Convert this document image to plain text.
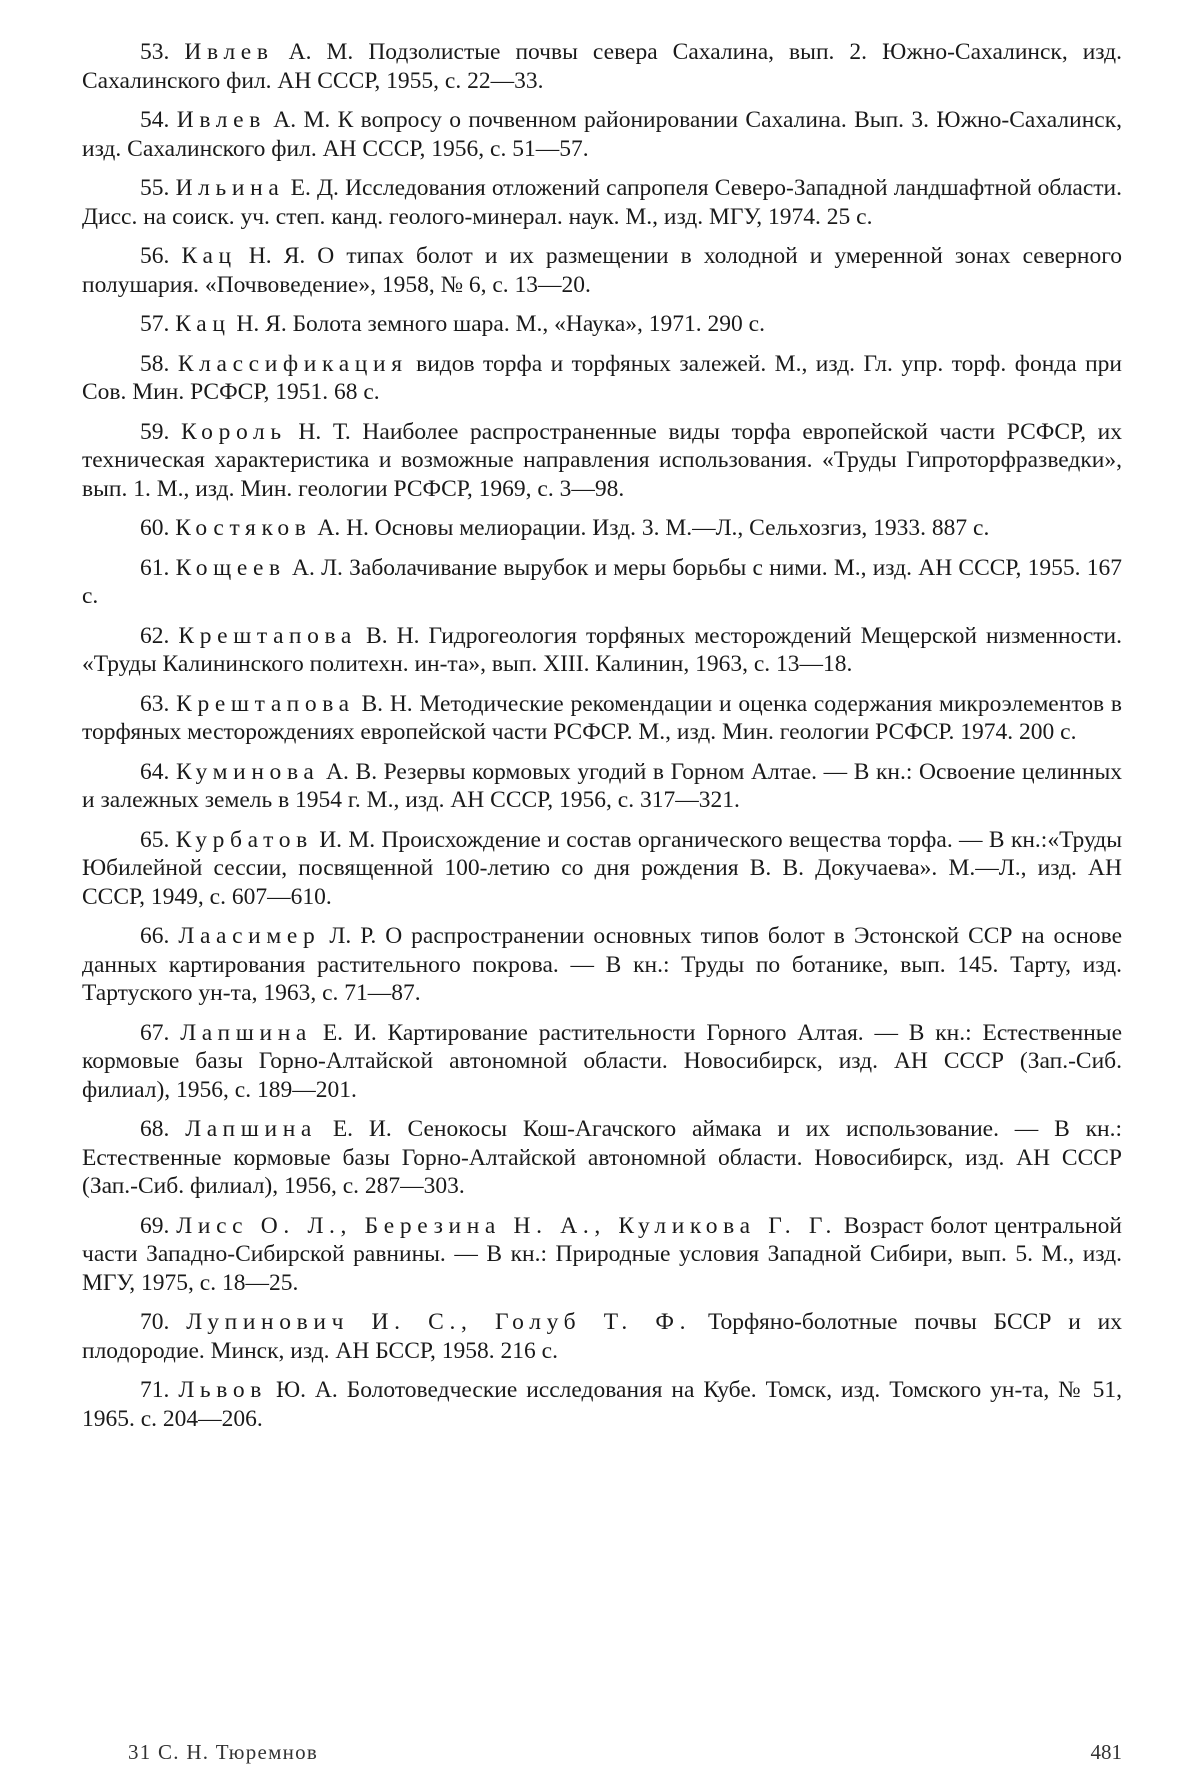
53. Ивлев А. М. Подзолистые почвы севера Сахалина, вып. 2. Южно-Сахалинск, изд. Сахалинского фил. АН СССР, 1955, с. 22—33.

54. Ивлев А. М. К вопросу о почвенном районировании Сахалина. Вып. 3. Южно-Сахалинск, изд. Сахалинского фил. АН СССР, 1956, с. 51—57.

55. Ильина Е. Д. Исследования отложений сапропеля Северо-Западной ландшафтной области. Дисс. на соиск. уч. степ. канд. геолого-минерал. наук. М., изд. МГУ, 1974. 25 с.

56. Кац Н. Я. О типах болот и их размещении в холодной и умеренной зонах северного полушария. «Почвоведение», 1958, № 6, с. 13—20.

57. Кац Н. Я. Болота земного шара. М., «Наука», 1971. 290 с.

58. Классификация видов торфа и торфяных залежей. М., изд. Гл. упр. торф. фонда при Сов. Мин. РСФСР, 1951. 68 с.

59. Король Н. Т. Наиболее распространенные виды торфа европейской части РСФСР, их техническая характеристика и возможные направления использования. «Труды Гипроторфразведки», вып. 1. М., изд. Мин. геологии РСФСР, 1969, с. 3—98.

60. Костяков А. Н. Основы мелиорации. Изд. 3. М.—Л., Сельхозгиз, 1933. 887 с.

61. Кощеев А. Л. Заболачивание вырубок и меры борьбы с ними. М., изд. АН СССР, 1955. 167 с.

62. Крештапова В. Н. Гидрогеология торфяных месторождений Мещерской низменности. «Труды Калининского политехн. ин-та», вып. XIII. Калинин, 1963, с. 13—18.

63. Крештапова В. Н. Методические рекомендации и оценка содержания микроэлементов в торфяных месторождениях европейской части РСФСР. М., изд. Мин. геологии РСФСР. 1974. 200 с.

64. Куминова А. В. Резервы кормовых угодий в Горном Алтае. — В кн.: Освоение целинных и залежных земель в 1954 г. М., изд. АН СССР, 1956, с. 317—321.

65. Курбатов И. М. Происхождение и состав органического вещества торфа. — В кн.:«Труды Юбилейной сессии, посвященной 100-летию со дня рождения В. В. Докучаева». М.—Л., изд. АН СССР, 1949, с. 607—610.

66. Лаасимер Л. Р. О распространении основных типов болот в Эстонской ССР на основе данных картирования растительного покрова. — В кн.: Труды по ботанике, вып. 145. Тарту, изд. Тартуского ун-та, 1963, с. 71—87.

67. Лапшина Е. И. Картирование растительности Горного Алтая. — В кн.: Естественные кормовые базы Горно-Алтайской автономной области. Новосибирск, изд. АН СССР (Зап.-Сиб. филиал), 1956, с. 189—201.

68. Лапшина Е. И. Сенокосы Кош-Агачского аймака и их использование. — В кн.: Естественные кормовые базы Горно-Алтайской автономной области. Новосибирск, изд. АН СССР (Зап.-Сиб. филиал), 1956, с. 287—303.

69. Лисс О. Л., Березина Н. А., Куликова Г. Г. Возраст болот центральной части Западно-Сибирской равнины. — В кн.: Природные условия Западной Сибири, вып. 5. М., изд. МГУ, 1975, с. 18—25.

70. Лупинович И. С., Голуб Т. Ф. Торфяно-болотные почвы БССР и их плодородие. Минск, изд. АН БССР, 1958. 216 с.

71. Львов Ю. А. Болотоведческие исследования на Кубе. Томск, изд. Томского ун-та, № 51, 1965. с. 204—206.

31 С. Н. Тюремнов	481
